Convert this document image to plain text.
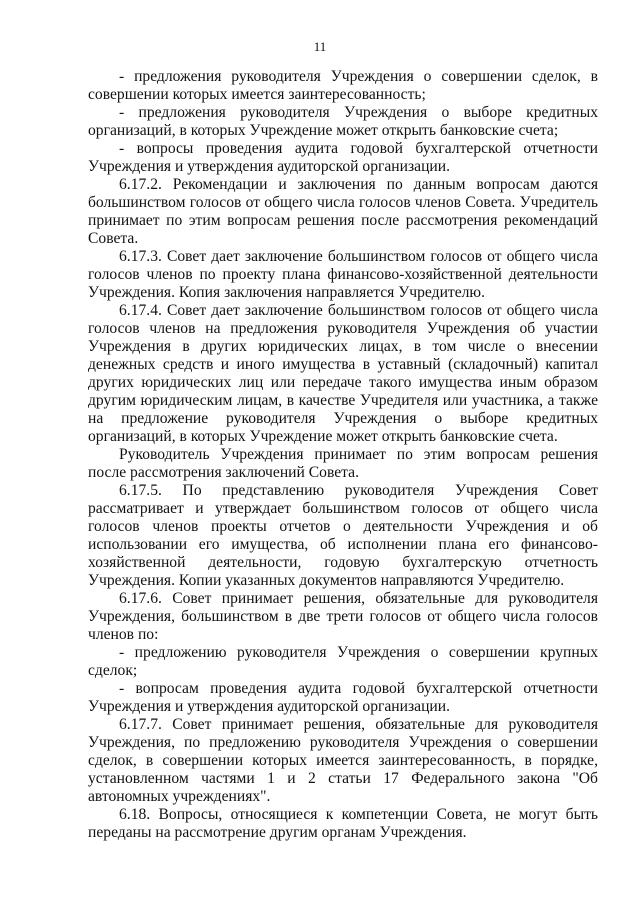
11

- предложения руководителя Учреждения о совершении сделок, в совершении которых имеется заинтересованность;

- предложения руководителя Учреждения о выборе кредитных организаций, в которых Учреждение может открыть банковские счета;

- вопросы проведения аудита годовой бухгалтерской отчетности Учреждения и утверждения аудиторской организации.

6.17.2. Рекомендации и заключения по данным вопросам даются большинством голосов от общего числа голосов членов Совета. Учредитель принимает по этим вопросам решения после рассмотрения рекомендаций Совета.

6.17.3. Совет дает заключение большинством голосов от общего числа голосов членов по проекту плана финансово-хозяйственной деятельности Учреждения. Копия заключения направляется Учредителю.

6.17.4. Совет дает заключение большинством голосов от общего числа голосов членов на предложения руководителя Учреждения об участии Учреждения в других юридических лицах, в том числе о внесении денежных средств и иного имущества в уставный (складочный) капитал других юридических лиц или передаче такого имущества иным образом другим юридическим лицам, в качестве Учредителя или участника, а также на предложение руководителя Учреждения о выборе кредитных организаций, в которых Учреждение может открыть банковские счета.

Руководитель Учреждения принимает по этим вопросам решения после рассмотрения заключений Совета.

6.17.5. По представлению руководителя Учреждения Совет рассматривает и утверждает большинством голосов от общего числа голосов членов проекты отчетов о деятельности Учреждения и об использовании его имущества, об исполнении плана его финансово-хозяйственной деятельности, годовую бухгалтерскую отчетность Учреждения. Копии указанных документов направляются Учредителю.

6.17.6. Совет принимает решения, обязательные для руководителя Учреждения, большинством в две трети голосов от общего числа голосов членов по:

- предложению руководителя Учреждения о совершении крупных сделок;

- вопросам проведения аудита годовой бухгалтерской отчетности Учреждения и утверждения аудиторской организации.

6.17.7. Совет принимает решения, обязательные для руководителя Учреждения, по предложению руководителя Учреждения о совершении сделок, в совершении которых имеется заинтересованность, в порядке, установленном частями 1 и 2 статьи 17 Федерального закона "Об автономных учреждениях".

6.18. Вопросы, относящиеся к компетенции Совета, не могут быть переданы на рассмотрение другим органам Учреждения.
